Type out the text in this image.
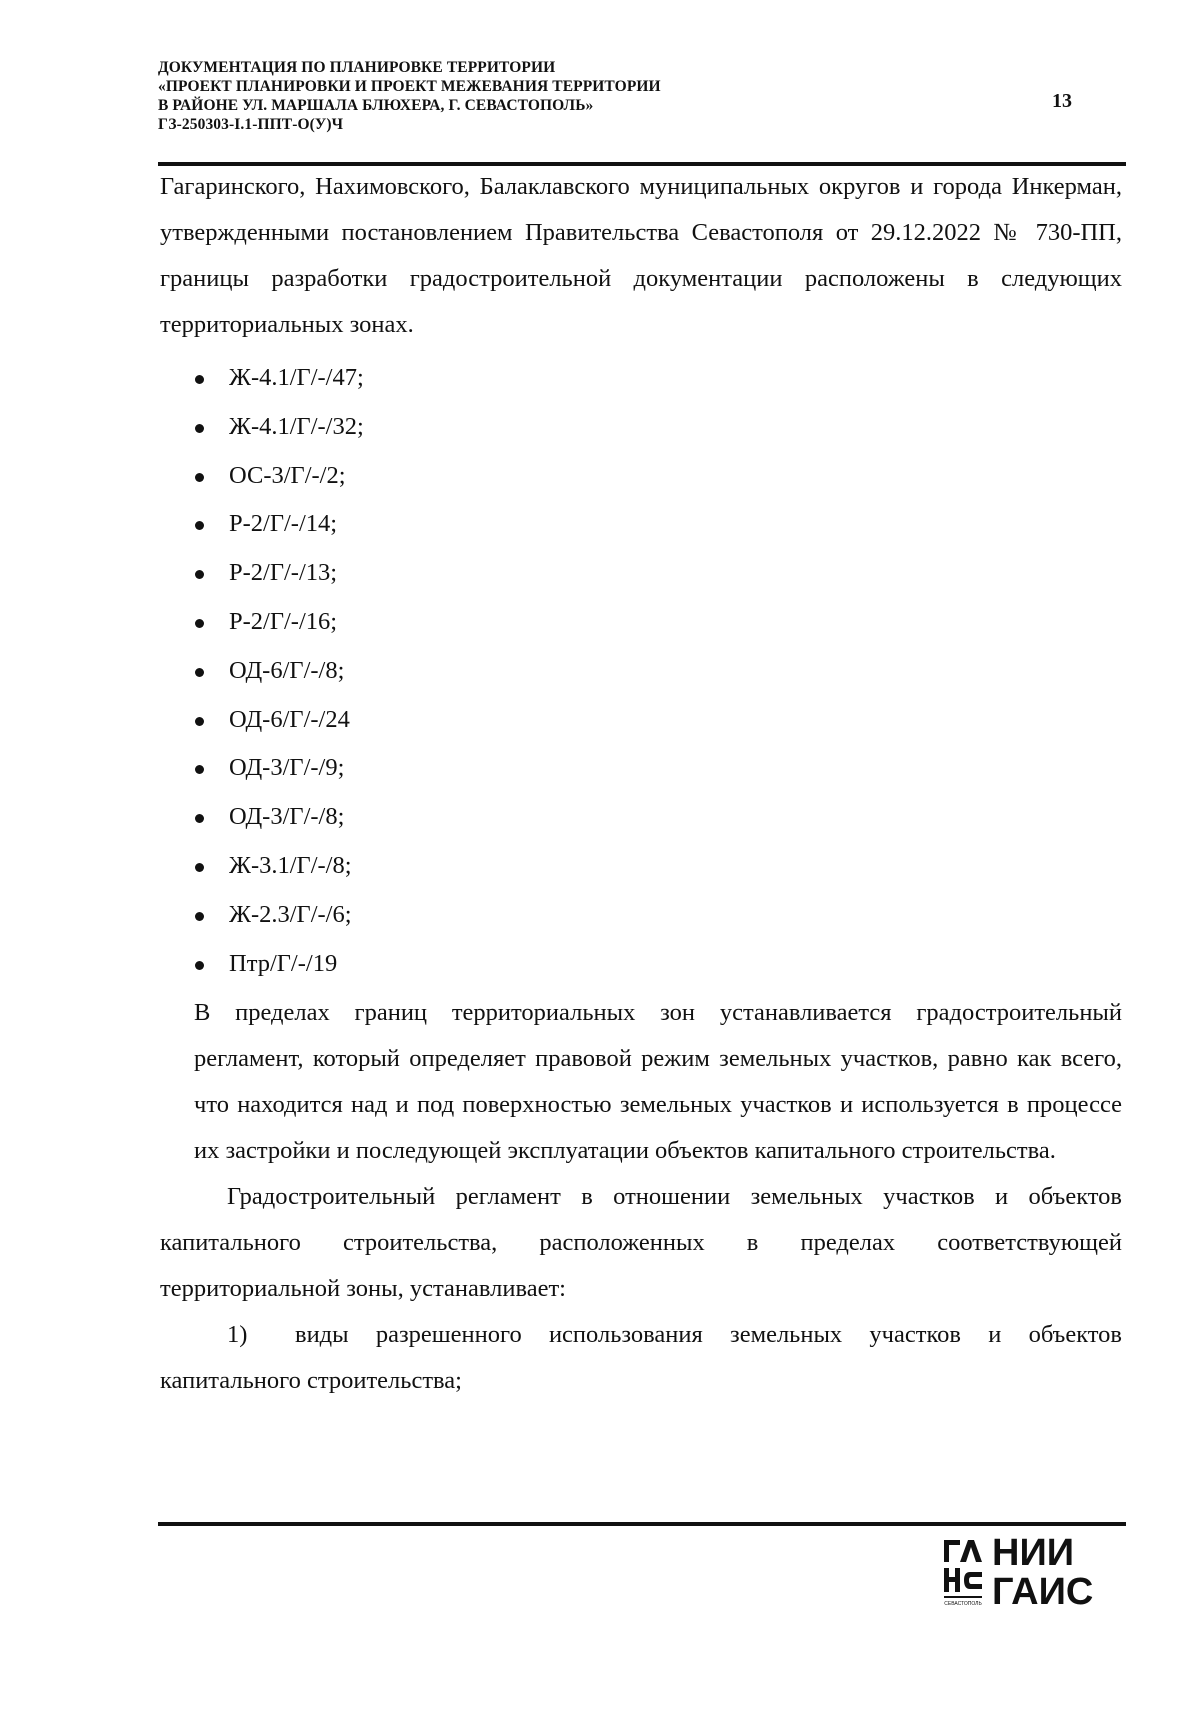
ДОКУМЕНТАЦИЯ ПО ПЛАНИРОВКЕ ТЕРРИТОРИИ
«ПРОЕКТ ПЛАНИРОВКИ И ПРОЕКТ МЕЖЕВАНИЯ ТЕРРИТОРИИ
В РАЙОНЕ УЛ. МАРШАЛА БЛЮХЕРА, Г. СЕВАСТОПОЛЬ»
ГЗ-250303-I.1-ППТ-О(У)Ч
13

Гагаринского, Нахимовского, Балаклавского муниципальных округов и города Инкерман, утвержденными постановлением Правительства Севастополя от 29.12.2022 № 730-ПП, границы разработки градостроительной документации расположены в следующих территориальных зонах.

Ж-4.1/Г/-/47;
Ж-4.1/Г/-/32;
ОС-3/Г/-/2;
Р-2/Г/-/14;
Р-2/Г/-/13;
Р-2/Г/-/16;
ОД-6/Г/-/8;
ОД-6/Г/-/24
ОД-3/Г/-/9;
ОД-3/Г/-/8;
Ж-3.1/Г/-/8;
Ж-2.3/Г/-/6;
Птр/Г/-/19
В пределах границ территориальных зон устанавливается градостроительный регламент, который определяет правовой режим земельных участков, равно как всего, что находится над и под поверхностью земельных участков и используется в процессе их застройки и последующей эксплуатации объектов капитального строительства.

Градостроительный регламент в отношении земельных участков и объектов капитального строительства, расположенных в пределах соответствующей территориальной зоны, устанавливает:

1) виды разрешенного использования земельных участков и объектов капитального строительства;

СЕВАСТОПОЛЬ
НИИ
ГАИС
